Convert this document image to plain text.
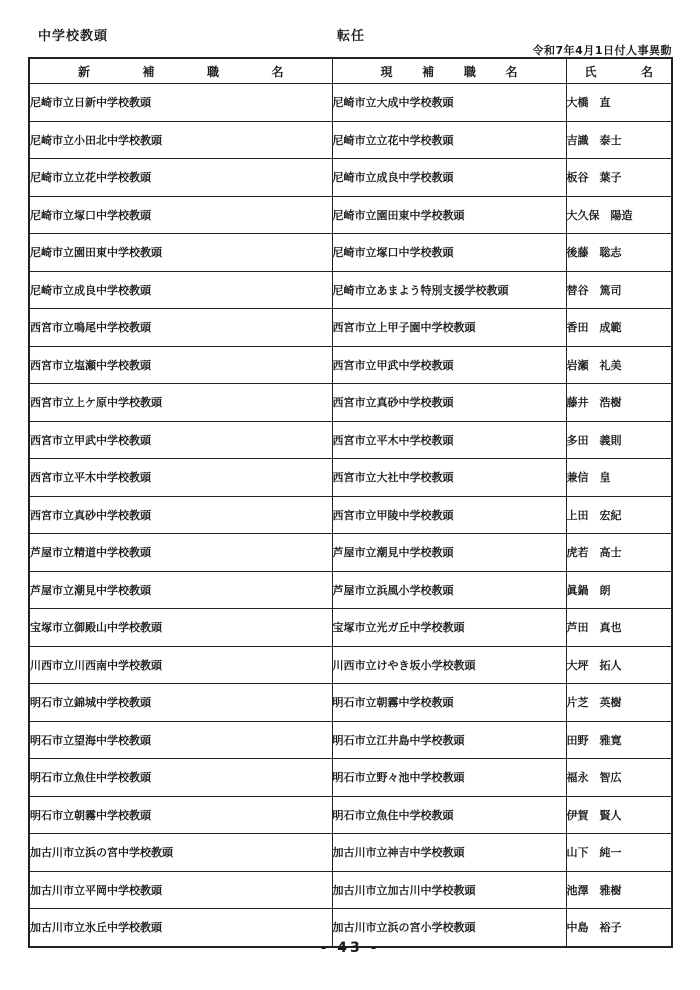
中学校教頭	転任
令和7年4月1日付人事異動
新 補 職 名	現 補 職 名	氏 名

尼崎市立日新中学校教頭	尼崎市立大成中学校教頭	大橋　直
尼崎市立小田北中学校教頭	尼崎市立立花中学校教頭	吉識　泰士
尼崎市立立花中学校教頭	尼崎市立成良中学校教頭	板谷　葉子
尼崎市立塚口中学校教頭	尼崎市立園田東中学校教頭	大久保　陽造
尼崎市立園田東中学校教頭	尼崎市立塚口中学校教頭	後藤　聡志
尼崎市立成良中学校教頭	尼崎市立あまよう特別支援学校教頭	替谷　篤司
西宮市立鳴尾中学校教頭	西宮市立上甲子園中学校教頭	香田　成範
西宮市立塩瀬中学校教頭	西宮市立甲武中学校教頭	岩瀬　礼美
西宮市立上ケ原中学校教頭	西宮市立真砂中学校教頭	藤井　浩樹
西宮市立甲武中学校教頭	西宮市立平木中学校教頭	多田　義則
西宮市立平木中学校教頭	西宮市立大社中学校教頭	兼信　皇
西宮市立真砂中学校教頭	西宮市立甲陵中学校教頭	上田　宏紀
芦屋市立精道中学校教頭	芦屋市立潮見中学校教頭	虎若　高士
芦屋市立潮見中学校教頭	芦屋市立浜風小学校教頭	眞鍋　朗
宝塚市立御殿山中学校教頭	宝塚市立光ガ丘中学校教頭	芦田　真也
川西市立川西南中学校教頭	川西市立けやき坂小学校教頭	大坪　拓人
明石市立錦城中学校教頭	明石市立朝霧中学校教頭	片芝　英樹
明石市立望海中学校教頭	明石市立江井島中学校教頭	田野　雅寛
明石市立魚住中学校教頭	明石市立野々池中学校教頭	福永　智広
明石市立朝霧中学校教頭	明石市立魚住中学校教頭	伊賀　賢人
加古川市立浜の宮中学校教頭	加古川市立神吉中学校教頭	山下　純一
加古川市立平岡中学校教頭	加古川市立加古川中学校教頭	池澤　雅樹
加古川市立氷丘中学校教頭	加古川市立浜の宮小学校教頭	中島　裕子
- 43 -
